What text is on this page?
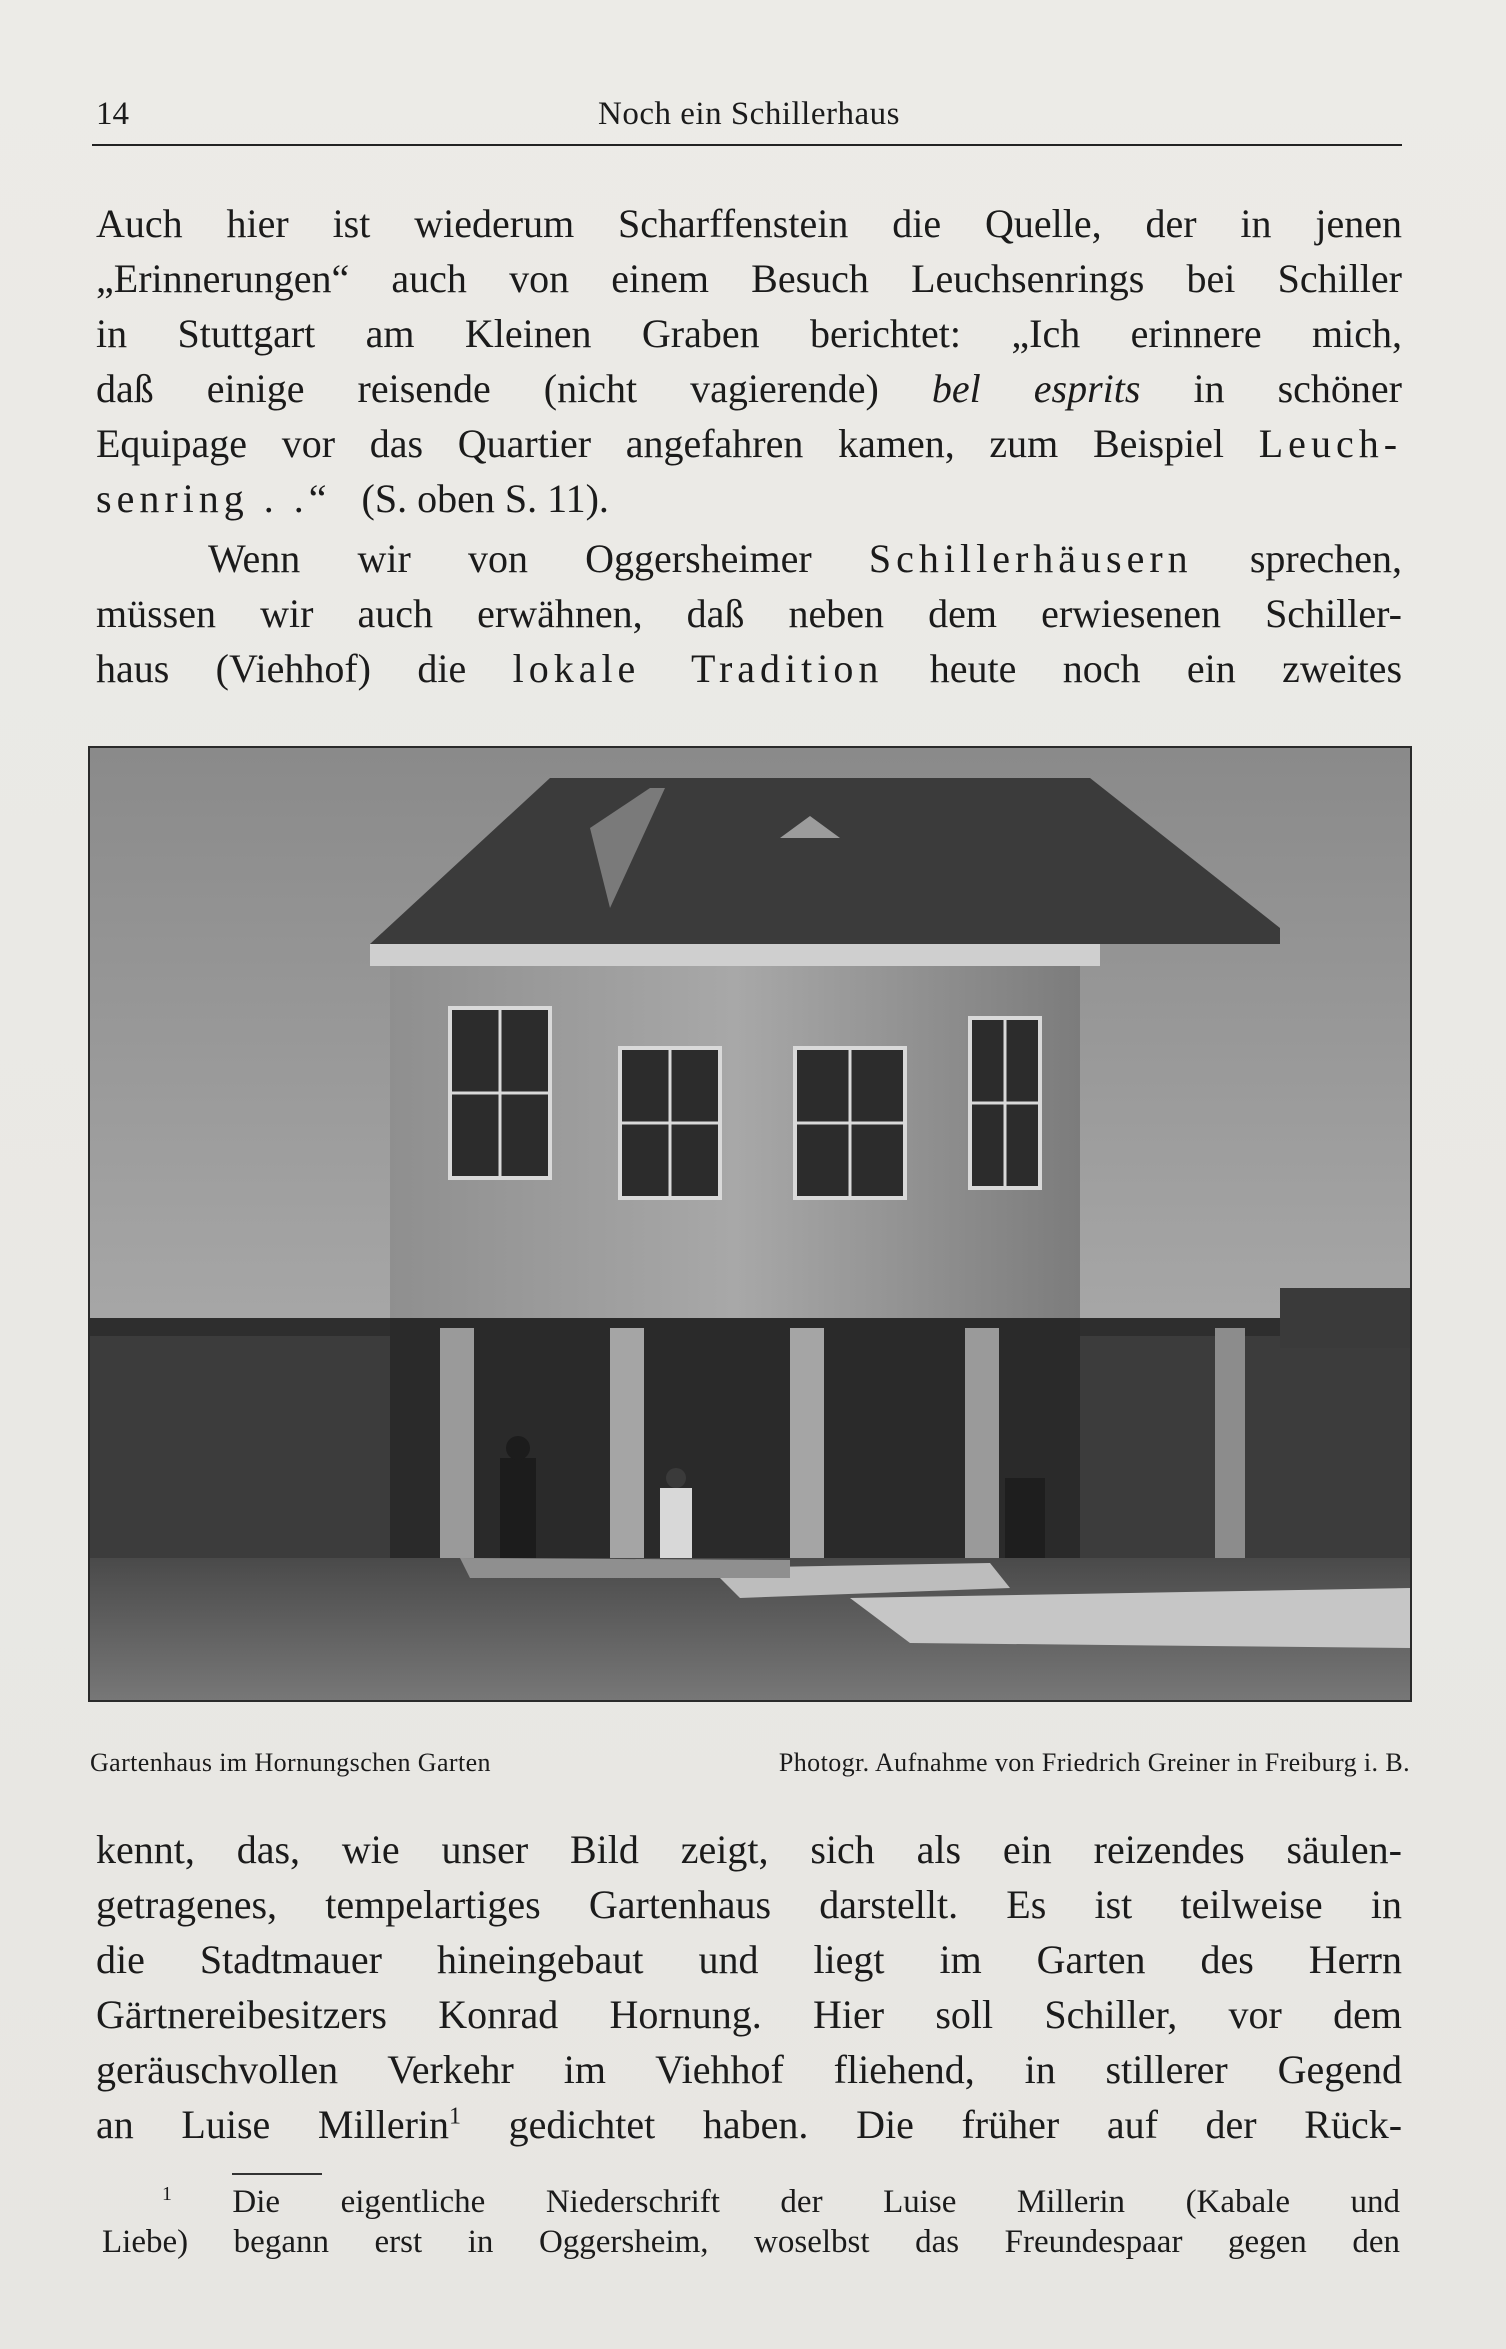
14	Noch ein Schillerhaus
Auch hier ist wiederum Scharffenstein die Quelle, der in jenen
„Erinnerungen“ auch von einem Besuch Leuchsenrings bei Schiller
in Stuttgart am Kleinen Graben berichtet: „Ich erinnere mich,
daß einige reisende (nicht vagierende) bel esprits in schöner
Equipage vor das Quartier angefahren kamen, zum Beispiel Leuch-
senring . .“ (S. oben S. 11).
Wenn wir von Oggersheimer Schillerhäusern sprechen,
müssen wir auch erwähnen, daß neben dem erwiesenen Schiller-
haus (Viehhof) die lokale Tradition heute noch ein zweites
Gartenhaus im Hornungschen Garten	Photogr. Aufnahme von Friedrich Greiner in Freiburg i. B.
kennt, das, wie unser Bild zeigt, sich als ein reizendes säulen-
getragenes, tempelartiges Gartenhaus darstellt. Es ist teilweise in
die Stadtmauer hineingebaut und liegt im Garten des Herrn
Gärtnereibesitzers Konrad Hornung. Hier soll Schiller, vor dem
geräuschvollen Verkehr im Viehhof fliehend, in stillerer Gegend
an Luise Millerin$^1$ gedichtet haben. Die früher auf der Rück-
$^1$ Die eigentliche Niederschrift der Luise Millerin (Kabale und
Liebe) begann erst in Oggersheim, woselbst das Freundespaar gegen den
